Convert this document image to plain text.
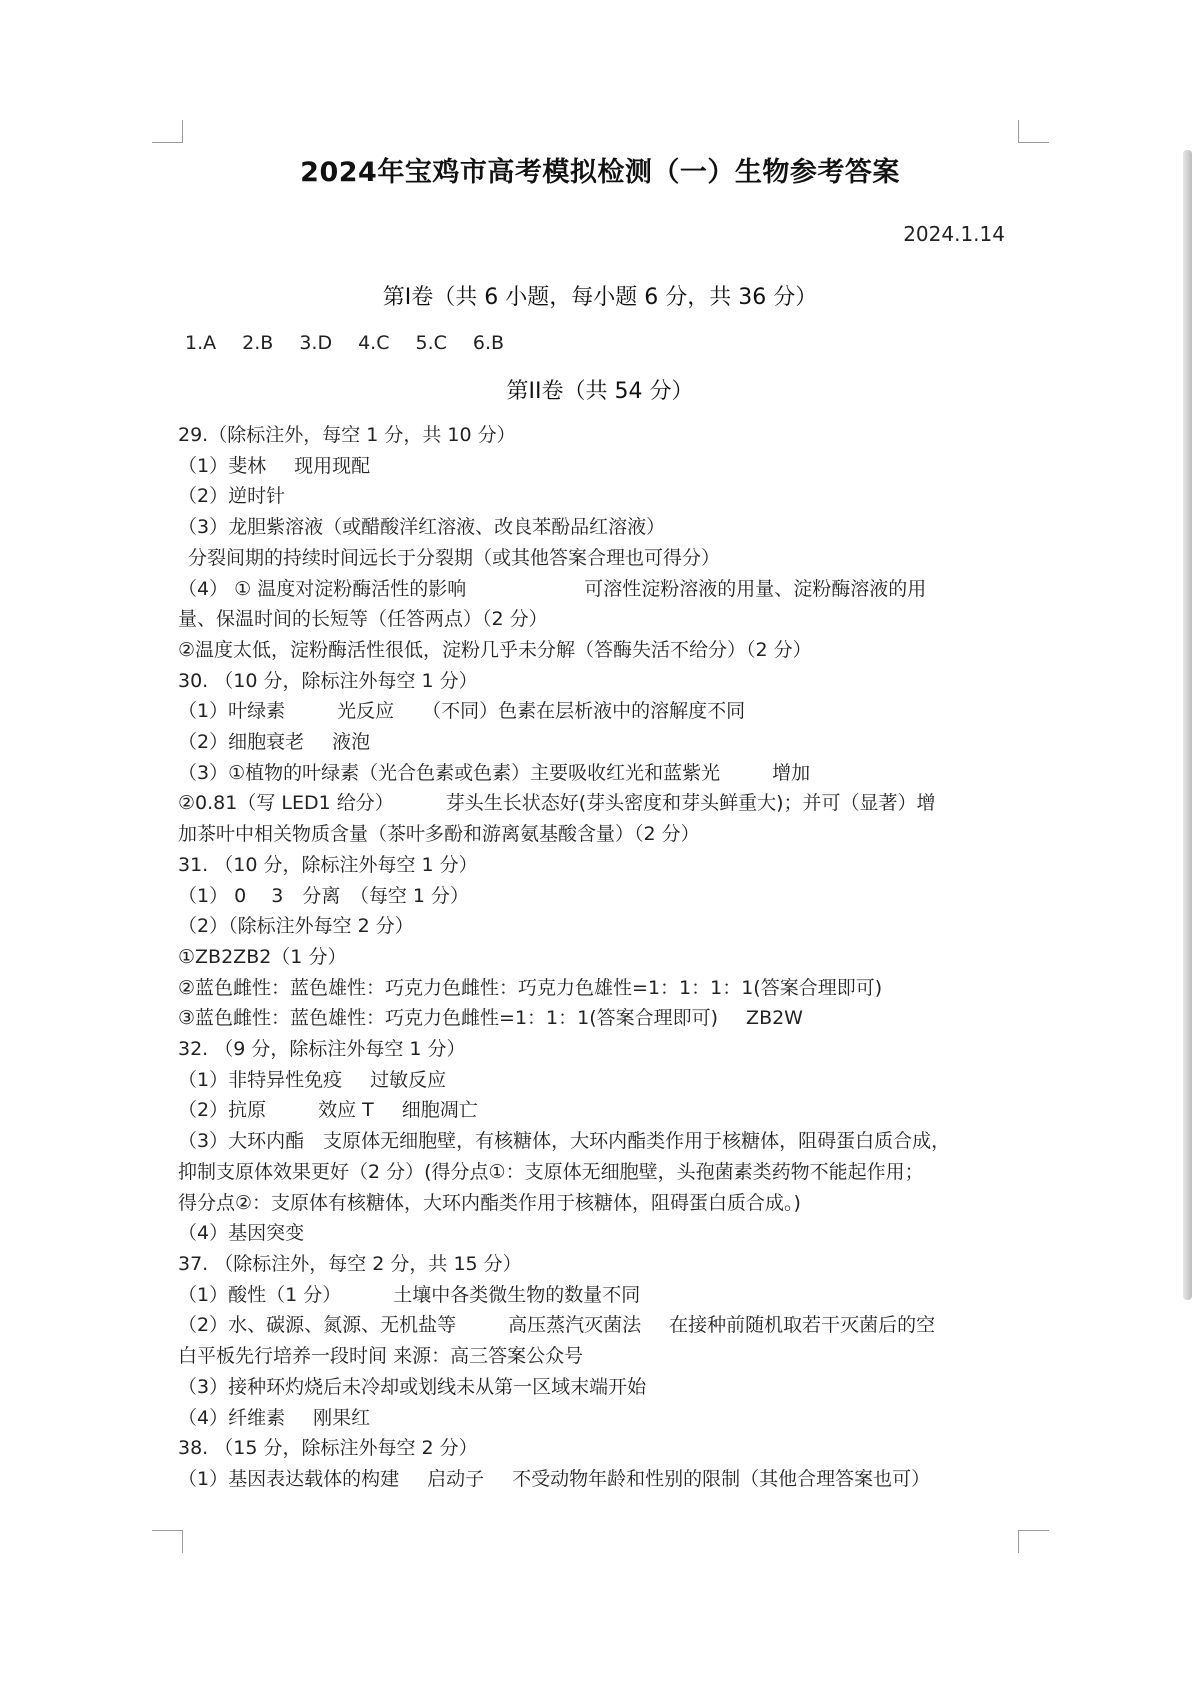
2024年宝鸡市高考模拟检测（一）生物参考答案
2024.1.14
第I卷（共 6 小题，每小题 6 分，共 36 分）
1.A 2.B 3.D 4.C 5.C 6.B
第II卷（共 54 分）
29.（除标注外，每空 1 分，共 10 分）
（1）斐林 现用现配
（2）逆时针
（3）龙胆紫溶液（或醋酸洋红溶液、改良苯酚品红溶液）
分裂间期的持续时间远长于分裂期（或其他答案合理也可得分）
（4） ① 温度对淀粉酶活性的影响	可溶性淀粉溶液的用量、淀粉酶溶液的用
量、保温时间的长短等（任答两点）（2 分）
②温度太低，淀粉酶活性很低，淀粉几乎未分解（答酶失活不给分）（2 分）
30. （10 分，除标注外每空 1 分）
（1）叶绿素	光反应 （不同）色素在层析液中的溶解度不同
（2）细胞衰老 液泡
（3）①植物的叶绿素（光合色素或色素）主要吸收红光和蓝紫光	增加
②0.81（写 LED1 给分）	芽头生长状态好(芽头密度和芽头鲜重大)；并可（显著）增
加茶叶中相关物质含量（茶叶多酚和游离氨基酸含量）（2 分）
31. （10 分，除标注外每空 1 分）
（1） 0　 3　分离　（每空 1 分）
（2）（除标注外每空 2 分）
①ZB2ZB2（1 分）
②蓝色雌性：蓝色雄性：巧克力色雌性：巧克力色雄性=1：1：1：1(答案合理即可)
③蓝色雌性：蓝色雄性：巧克力色雌性=1：1：1(答案合理即可) ZB2W
32. （9 分，除标注外每空 1 分）
（1）非特异性免疫 过敏反应
（2）抗原	效应 T 细胞凋亡
（3）大环内酯　支原体无细胞壁，有核糖体，大环内酯类作用于核糖体，阻碍蛋白质合成，
抑制支原体效果更好（2 分）(得分点①：支原体无细胞壁，头孢菌素类药物不能起作用；
得分点②：支原体有核糖体，大环内酯类作用于核糖体，阻碍蛋白质合成。)
（4）基因突变
37. （除标注外，每空 2 分，共 15 分）
（1）酸性（1 分）	土壤中各类微生物的数量不同
（2）水、碳源、氮源、无机盐等	高压蒸汽灭菌法 在接种前随机取若干灭菌后的空
白平板先行培养一段时间 来源：高三答案公众号
（3）接种环灼烧后未冷却或划线未从第一区域末端开始
（4）纤维素 刚果红
38. （15 分，除标注外每空 2 分）
（1）基因表达载体的构建 启动子 不受动物年龄和性别的限制（其他合理答案也可）
